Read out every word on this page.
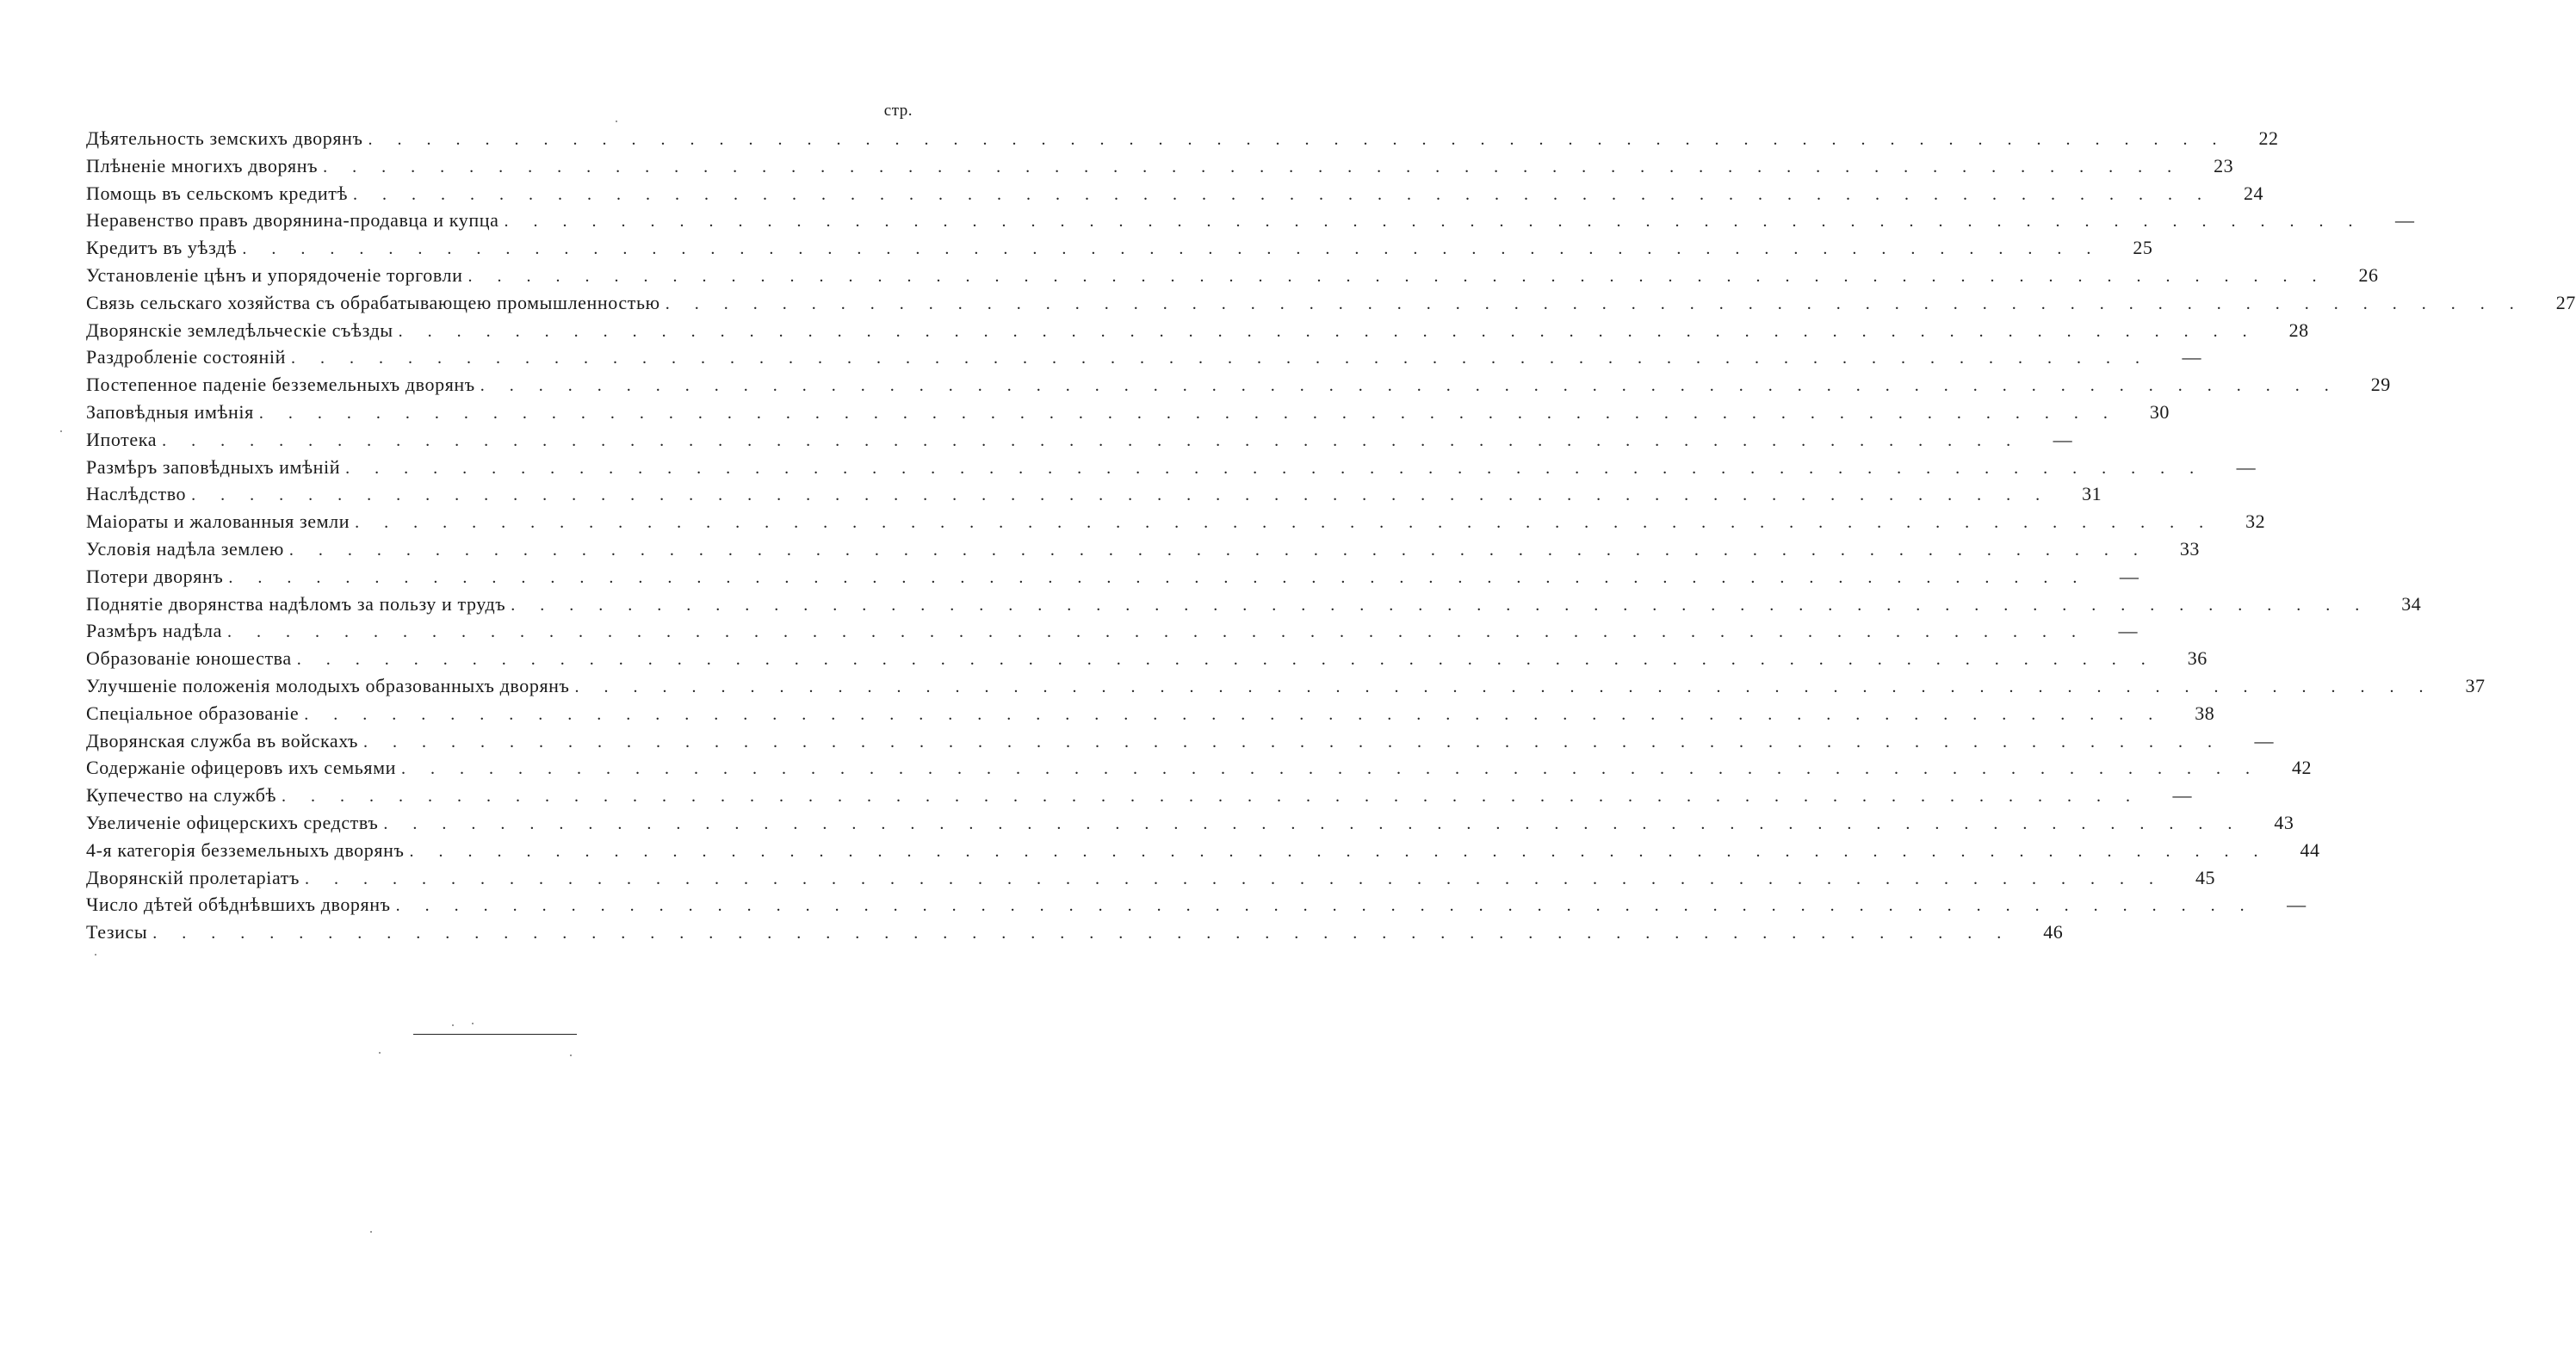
стр.
Дѣятельность земскихъ дворянъ . . . . . . . . . . . . . . . . . . . . . . . . . . . . . . . . . . . . . . . . . . . . . . . . . . . . . . . . . . . . . . . .	22
Плѣненіе многихъ дворянъ . . . . . . . . . . . . . . . . . . . . . . . . . . . . . . . . . . . . . . . . . . . . . . . . . . . . . . . . . . . . . . . .	23
Помощь въ сельскомъ кредитѣ . . . . . . . . . . . . . . . . . . . . . . . . . . . . . . . . . . . . . . . . . . . . . . . . . . . . . . . . . . . . . . . .	24
Неравенство правъ дворянина-продавца и купца . . . . . . . . . . . . . . . . . . . . . . . . . . . . . . . . . . . . . . . . . . . . . . . . . . . . . . . . . . . . . . . .	—
Кредитъ въ уѣздѣ . . . . . . . . . . . . . . . . . . . . . . . . . . . . . . . . . . . . . . . . . . . . . . . . . . . . . . . . . . . . . . . .	25
Установленіе цѣнъ и упорядоченіе торговли . . . . . . . . . . . . . . . . . . . . . . . . . . . . . . . . . . . . . . . . . . . . . . . . . . . . . . . . . . . . . . . .	26
Связь сельскаго хозяйства съ обрабатывающею промышленностью . . . . . . . . . . . . . . . . . . . . . . . . . . . . . . . . . . . . . . . . . . . . . . . . . . . . . . . . . . . . . . . .	27
Дворянскіе земледѣльческіе съѣзды . . . . . . . . . . . . . . . . . . . . . . . . . . . . . . . . . . . . . . . . . . . . . . . . . . . . . . . . . . . . . . . .	28
Раздробленіе состояній . . . . . . . . . . . . . . . . . . . . . . . . . . . . . . . . . . . . . . . . . . . . . . . . . . . . . . . . . . . . . . . .	—
Постепенное паденіе безземельныхъ дворянъ . . . . . . . . . . . . . . . . . . . . . . . . . . . . . . . . . . . . . . . . . . . . . . . . . . . . . . . . . . . . . . . .	29
Заповѣдныя имѣнія . . . . . . . . . . . . . . . . . . . . . . . . . . . . . . . . . . . . . . . . . . . . . . . . . . . . . . . . . . . . . . . .	30
Ипотека . . . . . . . . . . . . . . . . . . . . . . . . . . . . . . . . . . . . . . . . . . . . . . . . . . . . . . . . . . . . . . . .	—
Размѣръ заповѣдныхъ имѣній . . . . . . . . . . . . . . . . . . . . . . . . . . . . . . . . . . . . . . . . . . . . . . . . . . . . . . . . . . . . . . . .	—
Наслѣдство . . . . . . . . . . . . . . . . . . . . . . . . . . . . . . . . . . . . . . . . . . . . . . . . . . . . . . . . . . . . . . . .	31
Маіораты и жалованныя земли . . . . . . . . . . . . . . . . . . . . . . . . . . . . . . . . . . . . . . . . . . . . . . . . . . . . . . . . . . . . . . . .	32
Условія надѣла землею . . . . . . . . . . . . . . . . . . . . . . . . . . . . . . . . . . . . . . . . . . . . . . . . . . . . . . . . . . . . . . . .	33
Потери дворянъ . . . . . . . . . . . . . . . . . . . . . . . . . . . . . . . . . . . . . . . . . . . . . . . . . . . . . . . . . . . . . . . .	—
Поднятіе дворянства надѣломъ за пользу и трудъ . . . . . . . . . . . . . . . . . . . . . . . . . . . . . . . . . . . . . . . . . . . . . . . . . . . . . . . . . . . . . . . .	34
Размѣръ надѣла . . . . . . . . . . . . . . . . . . . . . . . . . . . . . . . . . . . . . . . . . . . . . . . . . . . . . . . . . . . . . . . .	—
Образованіе юношества . . . . . . . . . . . . . . . . . . . . . . . . . . . . . . . . . . . . . . . . . . . . . . . . . . . . . . . . . . . . . . . .	36
Улучшеніе положенія молодыхъ образованныхъ дворянъ . . . . . . . . . . . . . . . . . . . . . . . . . . . . . . . . . . . . . . . . . . . . . . . . . . . . . . . . . . . . . . . .	37
Спеціальное образованіе . . . . . . . . . . . . . . . . . . . . . . . . . . . . . . . . . . . . . . . . . . . . . . . . . . . . . . . . . . . . . . . .	38
Дворянская служба въ войскахъ . . . . . . . . . . . . . . . . . . . . . . . . . . . . . . . . . . . . . . . . . . . . . . . . . . . . . . . . . . . . . . . .	—
Содержаніе офицеровъ ихъ семьями . . . . . . . . . . . . . . . . . . . . . . . . . . . . . . . . . . . . . . . . . . . . . . . . . . . . . . . . . . . . . . . .	42
Купечество на службѣ . . . . . . . . . . . . . . . . . . . . . . . . . . . . . . . . . . . . . . . . . . . . . . . . . . . . . . . . . . . . . . . .	—
Увеличеніе офицерскихъ средствъ . . . . . . . . . . . . . . . . . . . . . . . . . . . . . . . . . . . . . . . . . . . . . . . . . . . . . . . . . . . . . . . .	43
4-я категорія безземельныхъ дворянъ . . . . . . . . . . . . . . . . . . . . . . . . . . . . . . . . . . . . . . . . . . . . . . . . . . . . . . . . . . . . . . . .	44
Дворянскій пролетаріатъ . . . . . . . . . . . . . . . . . . . . . . . . . . . . . . . . . . . . . . . . . . . . . . . . . . . . . . . . . . . . . . . .	45
Число дѣтей обѣднѣвшихъ дворянъ . . . . . . . . . . . . . . . . . . . . . . . . . . . . . . . . . . . . . . . . . . . . . . . . . . . . . . . . . . . . . . . .	—
Тезисы . . . . . . . . . . . . . . . . . . . . . . . . . . . . . . . . . . . . . . . . . . . . . . . . . . . . . . . . . . . . . . . .	46
